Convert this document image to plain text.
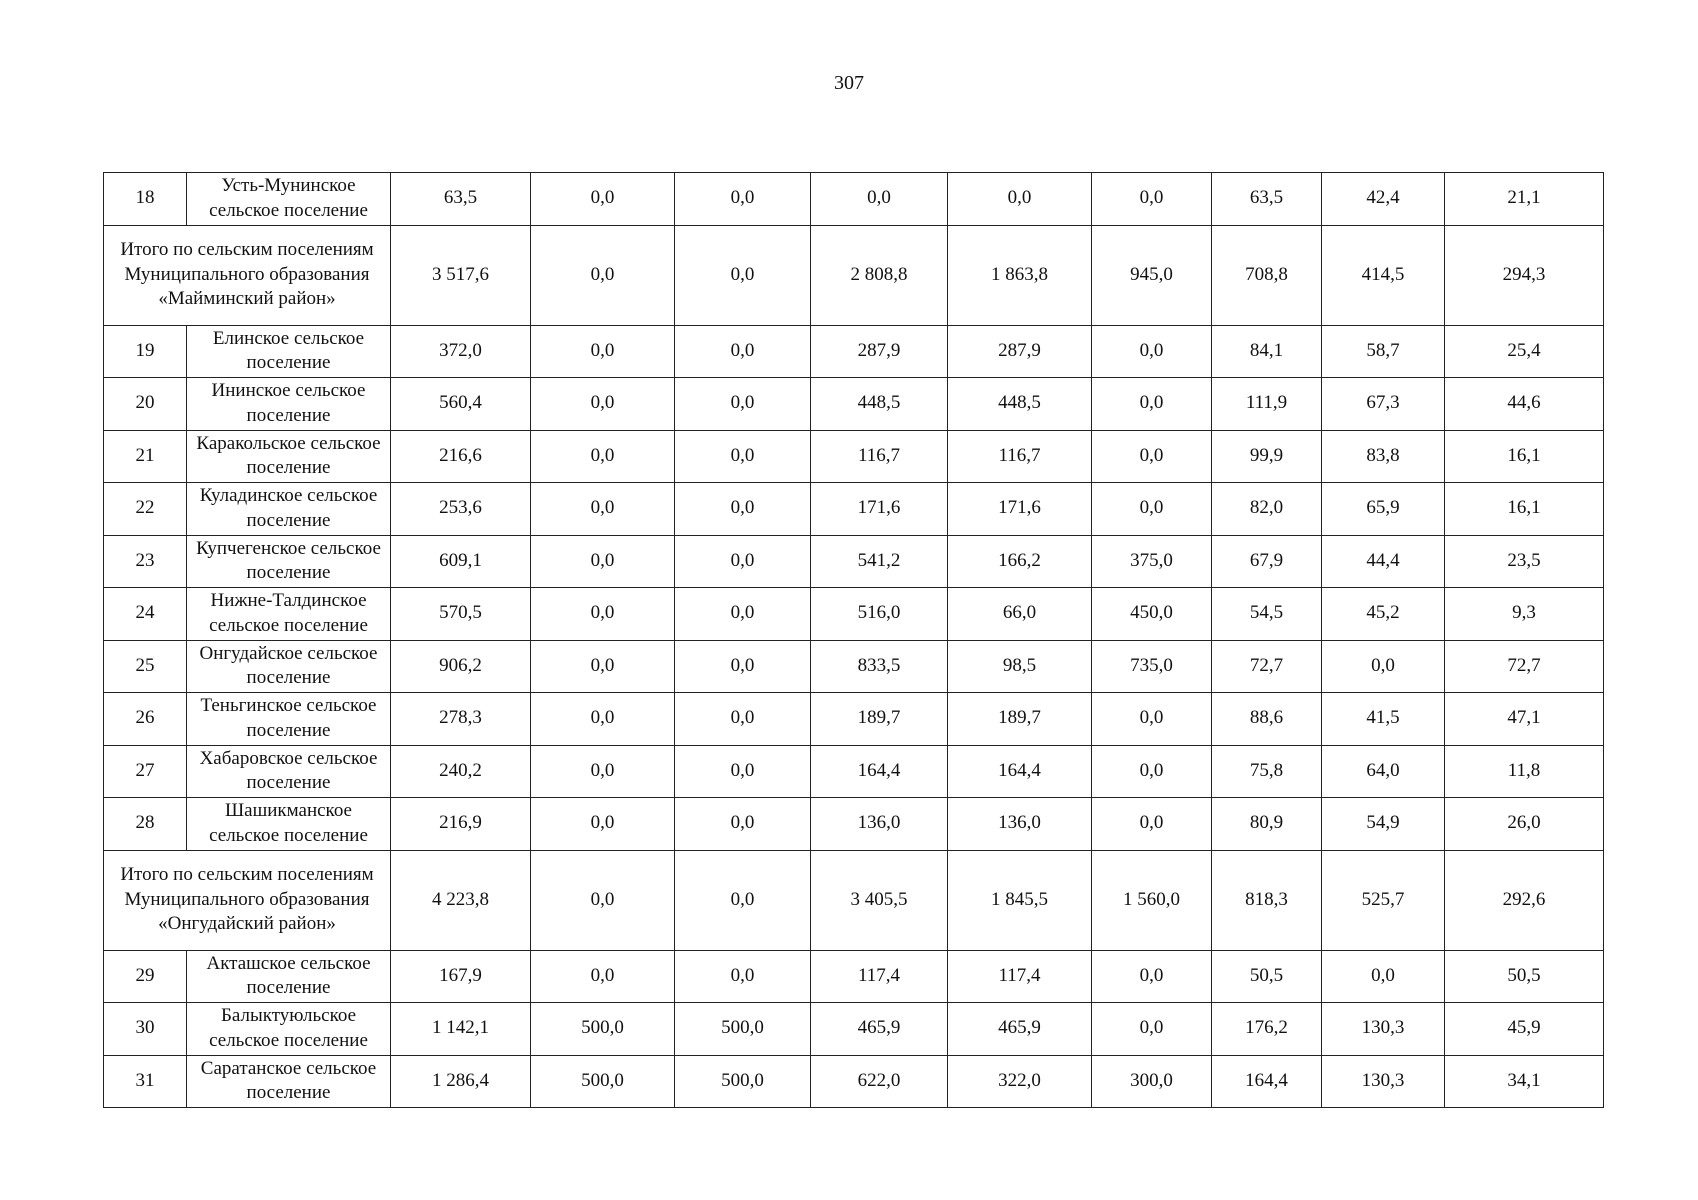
307
18	Усть-Мунинское сельское поселение	63,5	0,0	0,0	0,0	0,0	0,0	63,5	42,4	21,1
Итого по сельским поселениям Муниципального образования «Майминский район»		3 517,6	0,0	0,0	2 808,8	1 863,8	945,0	708,8	414,5	294,3
19	Елинское сельское поселение	372,0	0,0	0,0	287,9	287,9	0,0	84,1	58,7	25,4
20	Ининское сельское поселение	560,4	0,0	0,0	448,5	448,5	0,0	111,9	67,3	44,6
21	Каракольское сельское поселение	216,6	0,0	0,0	116,7	116,7	0,0	99,9	83,8	16,1
22	Куладинское сельское поселение	253,6	0,0	0,0	171,6	171,6	0,0	82,0	65,9	16,1
23	Купчегенское сельское поселение	609,1	0,0	0,0	541,2	166,2	375,0	67,9	44,4	23,5
24	Нижне-Талдинское сельское поселение	570,5	0,0	0,0	516,0	66,0	450,0	54,5	45,2	9,3
25	Онгудайское сельское поселение	906,2	0,0	0,0	833,5	98,5	735,0	72,7	0,0	72,7
26	Теньгинское сельское поселение	278,3	0,0	0,0	189,7	189,7	0,0	88,6	41,5	47,1
27	Хабаровское сельское поселение	240,2	0,0	0,0	164,4	164,4	0,0	75,8	64,0	11,8
28	Шашикманское сельское поселение	216,9	0,0	0,0	136,0	136,0	0,0	80,9	54,9	26,0
Итого по сельским поселениям Муниципального образования «Онгудайский район»		4 223,8	0,0	0,0	3 405,5	1 845,5	1 560,0	818,3	525,7	292,6
29	Акташское сельское поселение	167,9	0,0	0,0	117,4	117,4	0,0	50,5	0,0	50,5
30	Балыктуюльское сельское поселение	1 142,1	500,0	500,0	465,9	465,9	0,0	176,2	130,3	45,9
31	Саратанское сельское поселение	1 286,4	500,0	500,0	622,0	322,0	300,0	164,4	130,3	34,1
